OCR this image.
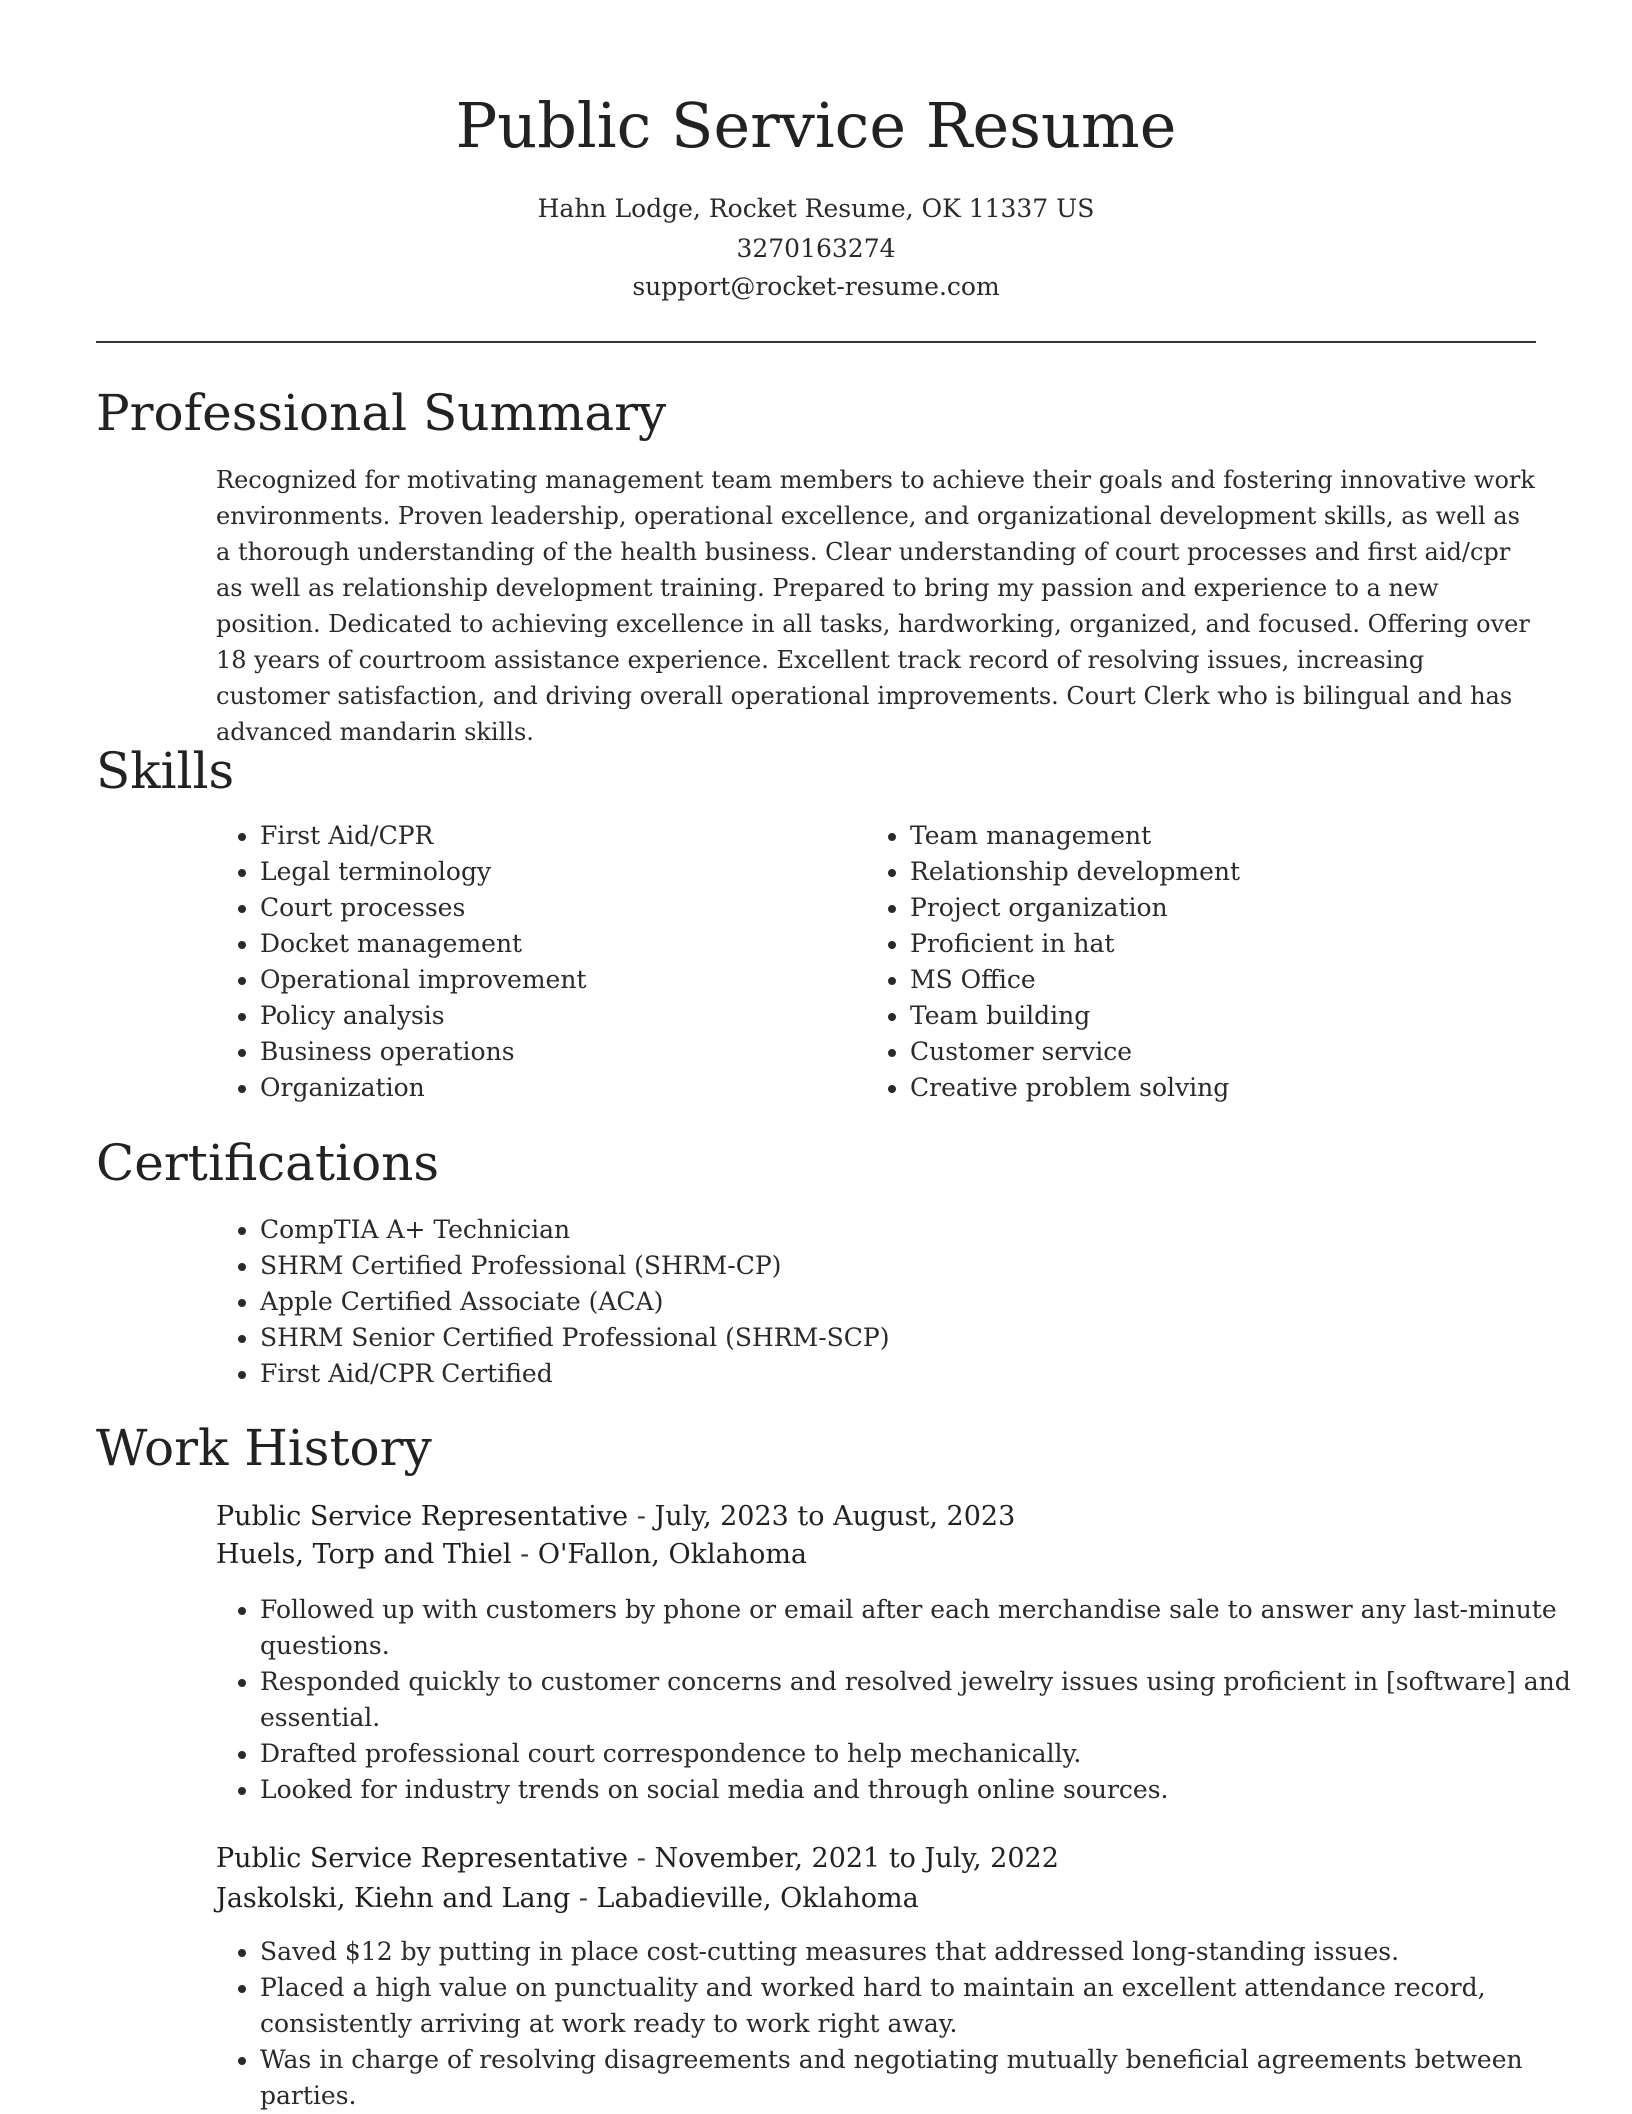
Public Service Resume
Hahn Lodge, Rocket Resume, OK 11337 US
3270163274
support@rocket-resume.com
Professional Summary

Recognized for motivating management team members to achieve their goals and fostering innovative work environments. Proven leadership, operational excellence, and organizational development skills, as well as a thorough understanding of the health business. Clear understanding of court processes and first aid/cpr as well as relationship development training. Prepared to bring my passion and experience to a new position. Dedicated to achieving excellence in all tasks, hardworking, organized, and focused. Offering over 18 years of courtroom assistance experience. Excellent track record of resolving issues, increasing customer satisfaction, and driving overall operational improvements. Court Clerk who is bilingual and has advanced mandarin skills.

Skills
• First Aid/CPR
• Legal terminology
• Court processes
• Docket management
• Operational improvement
• Policy analysis
• Business operations
• Organization
• Team management
• Relationship development
• Project organization
• Proficient in hat
• MS Office
• Team building
• Customer service
• Creative problem solving
Certifications
• CompTIA A+ Technician
• SHRM Certified Professional (SHRM-CP)
• Apple Certified Associate (ACA)
• SHRM Senior Certified Professional (SHRM-SCP)
• First Aid/CPR Certified
Work History
Public Service Representative - July, 2023 to August, 2023
Huels, Torp and Thiel - O'Fallon, Oklahoma
• Followed up with customers by phone or email after each merchandise sale to answer any last-minute questions.
• Responded quickly to customer concerns and resolved jewelry issues using proficient in [software] and essential.
• Drafted professional court correspondence to help mechanically.
• Looked for industry trends on social media and through online sources.
Public Service Representative - November, 2021 to July, 2022
Jaskolski, Kiehn and Lang - Labadieville, Oklahoma
• Saved $12 by putting in place cost-cutting measures that addressed long-standing issues.
• Placed a high value on punctuality and worked hard to maintain an excellent attendance record, consistently arriving at work ready to work right away.
• Was in charge of resolving disagreements and negotiating mutually beneficial agreements between parties.
